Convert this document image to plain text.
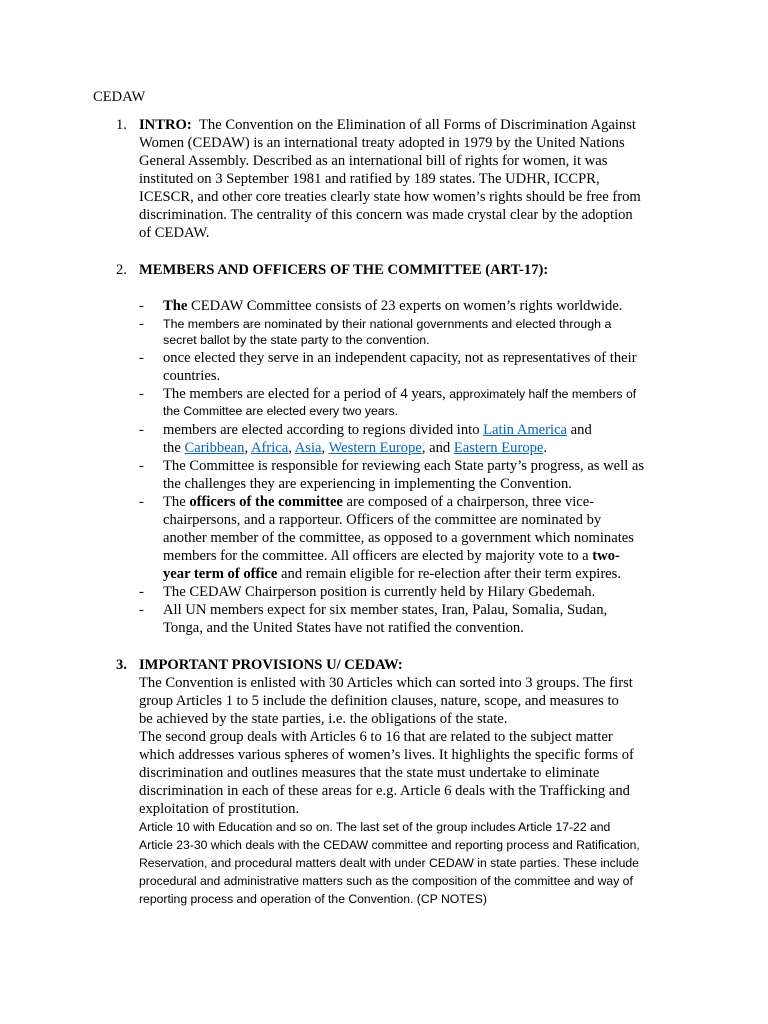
CEDAW
1. INTRO: The Convention on the Elimination of all Forms of Discrimination Against
Women (CEDAW) is an international treaty adopted in 1979 by the United Nations
General Assembly. Described as an international bill of rights for women, it was
instituted on 3 September 1981 and ratified by 189 states. The UDHR, ICCPR,
ICESCR, and other core treaties clearly state how women’s rights should be free from
discrimination. The centrality of this concern was made crystal clear by the adoption
of CEDAW.
2. MEMBERS AND OFFICERS OF THE COMMITTEE (ART-17):
- The CEDAW Committee consists of 23 experts on women’s rights worldwide.
- The members are nominated by their national governments and elected through a
secret ballot by the state party to the convention.
- once elected they serve in an independent capacity, not as representatives of their
countries.
- The members are elected for a period of 4 years, approximately half the members of
the Committee are elected every two years.
- members are elected according to regions divided into Latin America and
the Caribbean, Africa, Asia, Western Europe, and Eastern Europe.
- The Committee is responsible for reviewing each State party’s progress, as well as
the challenges they are experiencing in implementing the Convention.
- The officers of the committee are composed of a chairperson, three vice-
chairpersons, and a rapporteur. Officers of the committee are nominated by
another member of the committee, as opposed to a government which nominates
members for the committee. All officers are elected by majority vote to a two-
year term of office and remain eligible for re-election after their term expires.
- The CEDAW Chairperson position is currently held by Hilary Gbedemah.
- All UN members expect for six member states, Iran, Palau, Somalia, Sudan,
Tonga, and the United States have not ratified the convention.
3. IMPORTANT PROVISIONS U/ CEDAW:
The Convention is enlisted with 30 Articles which can sorted into 3 groups. The first
group Articles 1 to 5 include the definition clauses, nature, scope, and measures to
be achieved by the state parties, i.e. the obligations of the state.
The second group deals with Articles 6 to 16 that are related to the subject matter
which addresses various spheres of women’s lives. It highlights the specific forms of
discrimination and outlines measures that the state must undertake to eliminate
discrimination in each of these areas for e.g. Article 6 deals with the Trafficking and
exploitation of prostitution.
Article 10 with Education and so on. The last set of the group includes Article 17-22 and
Article 23-30 which deals with the CEDAW committee and reporting process and Ratification,
Reservation, and procedural matters dealt with under CEDAW in state parties. These include
procedural and administrative matters such as the composition of the committee and way of
reporting process and operation of the Convention. (CP NOTES)
